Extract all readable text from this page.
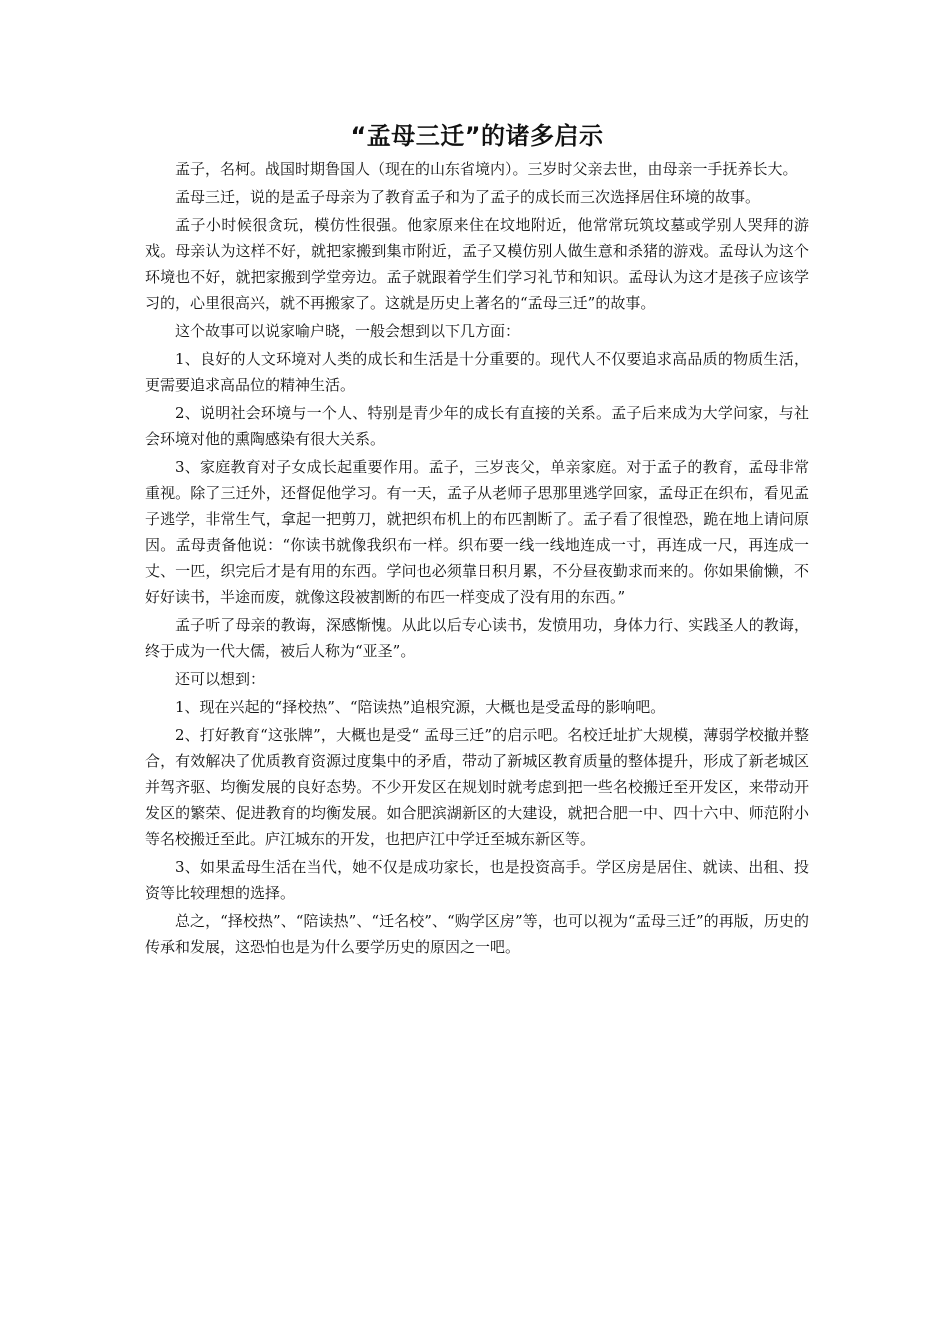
“孟母三迁”的诸多启示

孟子，名柯。战国时期鲁国人（现在的山东省境内）。三岁时父亲去世，由母亲一手抚养长大。

孟母三迁，说的是孟子母亲为了教育孟子和为了孟子的成长而三次选择居住环境的故事。

孟子小时候很贪玩，模仿性很强。他家原来住在坟地附近，他常常玩筑坟墓或学别人哭拜的游戏。母亲认为这样不好，就把家搬到集市附近，孟子又模仿别人做生意和杀猪的游戏。孟母认为这个环境也不好，就把家搬到学堂旁边。孟子就跟着学生们学习礼节和知识。孟母认为这才是孩子应该学习的，心里很高兴，就不再搬家了。这就是历史上著名的“孟母三迁”的故事。

这个故事可以说家喻户晓，一般会想到以下几方面：

1、良好的人文环境对人类的成长和生活是十分重要的。现代人不仅要追求高品质的物质生活，更需要追求高品位的精神生活。

2、说明社会环境与一个人、特别是青少年的成长有直接的关系。孟子后来成为大学问家，与社会环境对他的熏陶感染有很大关系。

3、家庭教育对子女成长起重要作用。孟子，三岁丧父，单亲家庭。对于孟子的教育，孟母非常重视。除了三迁外，还督促他学习。有一天，孟子从老师子思那里逃学回家，孟母正在织布，看见孟子逃学，非常生气，拿起一把剪刀，就把织布机上的布匹割断了。孟子看了很惶恐，跪在地上请问原因。孟母责备他说：“你读书就像我织布一样。织布要一线一线地连成一寸，再连成一尺，再连成一丈、一匹，织完后才是有用的东西。学问也必须靠日积月累，不分昼夜勤求而来的。你如果偷懒，不好好读书，半途而废，就像这段被割断的布匹一样变成了没有用的东西。”

孟子听了母亲的教诲，深感惭愧。从此以后专心读书，发愤用功，身体力行、实践圣人的教诲，终于成为一代大儒，被后人称为“亚圣”。

还可以想到：

1、现在兴起的“择校热”、“陪读热”追根究源，大概也是受孟母的影响吧。

2、打好教育“这张牌”，大概也是受“ 孟母三迁”的启示吧。名校迁址扩大规模，薄弱学校撤并整合，有效解决了优质教育资源过度集中的矛盾，带动了新城区教育质量的整体提升，形成了新老城区并驾齐驱、均衡发展的良好态势。不少开发区在规划时就考虑到把一些名校搬迁至开发区，来带动开发区的繁荣、促进教育的均衡发展。如合肥滨湖新区的大建设，就把合肥一中、四十六中、师范附小等名校搬迁至此。庐江城东的开发，也把庐江中学迁至城东新区等。

3、如果孟母生活在当代，她不仅是成功家长，也是投资高手。学区房是居住、就读、出租、投资等比较理想的选择。

总之，“择校热”、“陪读热”、“迁名校”、“购学区房”等，也可以视为“孟母三迁”的再版，历史的传承和发展，这恐怕也是为什么要学历史的原因之一吧。
